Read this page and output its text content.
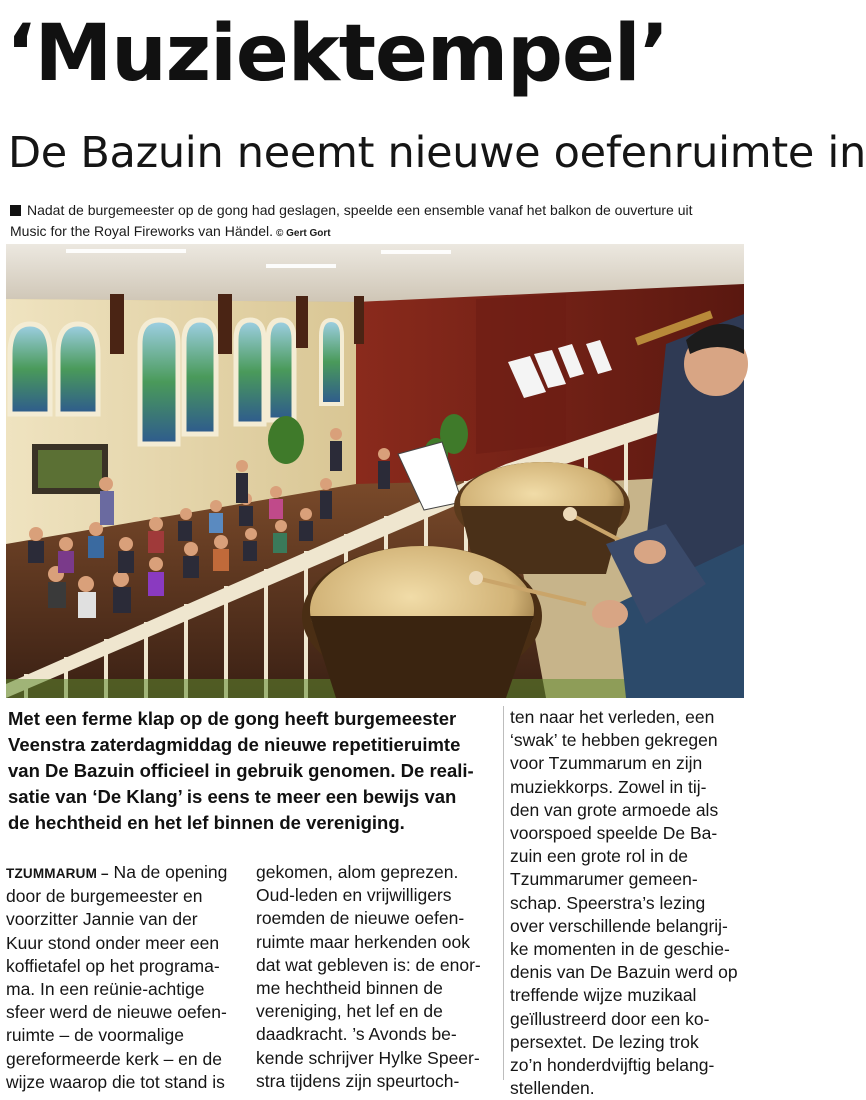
‘Muziektempel’
De Bazuin neemt nieuwe oefenruimte in
Nadat de burgemeester op de gong had geslagen, speelde een ensemble vanaf het balkon de ouverture uit
Music for the Royal Fireworks van Händel. © Gert Gort
Met een ferme klap op de gong heeft burgemeester
Veenstra zaterdagmiddag de nieuwe repetitieruimte
van De Bazuin officieel in gebruik genomen. De reali-
satie van ‘De Klang’ is eens te meer een bewijs van
de hechtheid en het lef binnen de vereniging.
TZUMMARUM – Na de opening
door de burgemeester en
voorzitter Jannie van der
Kuur stond onder meer een
koffietafel op het programa-
ma. In een reünie-achtige
sfeer werd de nieuwe oefen-
ruimte – de voormalige
gereformeerde kerk – en de
wijze waarop die tot stand is
gekomen, alom geprezen.
Oud-leden en vrijwilligers
roemden de nieuwe oefen-
ruimte maar herkenden ook
dat wat gebleven is: de enor-
me hechtheid binnen de
vereniging, het lef en de
daadkracht. ’s Avonds be-
kende schrijver Hylke Speer-
stra tijdens zijn speurtoch-
ten naar het verleden, een
‘swak’ te hebben gekregen
voor Tzummarum en zijn
muziekkorps. Zowel in tij-
den van grote armoede als
voorspoed speelde De Ba-
zuin een grote rol in de
Tzummarumer gemeen-
schap. Speerstra’s lezing
over verschillende belangrij-
ke momenten in de geschie-
denis van De Bazuin werd op
treffende wijze muzikaal
geïllustreerd door een ko-
persextet. De lezing trok
zo’n honderdvijftig belang-
stellenden.
